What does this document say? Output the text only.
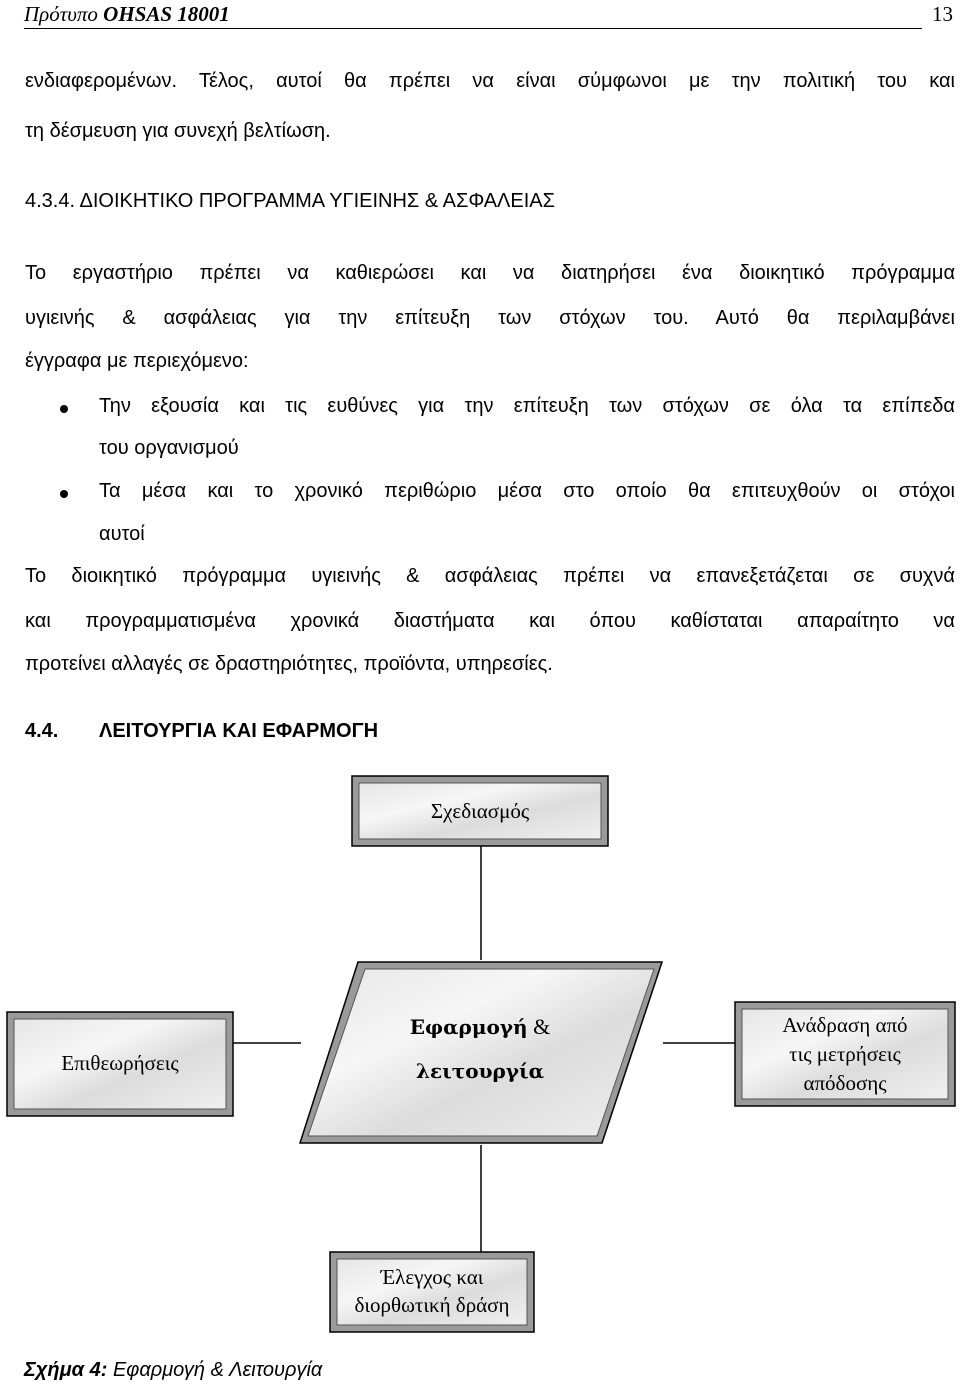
Πρότυπο OHSAS 18001	13
ενδιαφερομένων. Τέλος, αυτοί θα πρέπει να είναι σύμφωνοι με την πολιτική του και
τη δέσμευση για συνεχή βελτίωση.
4.3.4. ΔΙΟΙΚΗΤΙΚΟ ΠΡΟΓΡΑΜΜΑ ΥΓΙΕΙΝΗΣ & ΑΣΦΑΛΕΙΑΣ
Το εργαστήριο πρέπει να καθιερώσει και να διατηρήσει ένα διοικητικό πρόγραμμα
υγιεινής & ασφάλειας για την επίτευξη των στόχων του. Αυτό θα περιλαμβάνει
έγγραφα με περιεχόμενο:
Την εξουσία και τις ευθύνες για την επίτευξη των στόχων σε όλα τα επίπεδα
του οργανισμού
Τα μέσα και το χρονικό περιθώριο μέσα στο οποίο θα επιτευχθούν οι στόχοι
αυτοί
Το διοικητικό πρόγραμμα υγιεινής & ασφάλειας πρέπει να επανεξετάζεται σε συχνά
και προγραμματισμένα χρονικά διαστήματα και όπου καθίσταται απαραίτητο να
προτείνει αλλαγές σε δραστηριότητες, προϊόντα, υπηρεσίες.
4.4. ΛΕΙΤΟΥΡΓΙΑ ΚΑΙ ΕΦΑΡΜΟΓΗ
Σχεδιασμός
Εφαρμογή &
λειτουργία
Επιθεωρήσεις
Ανάδραση από
τις μετρήσεις
απόδοσης
Έλεγχος και
διορθωτική δράση
Σχήμα 4: Εφαρμογή & Λειτουργία
